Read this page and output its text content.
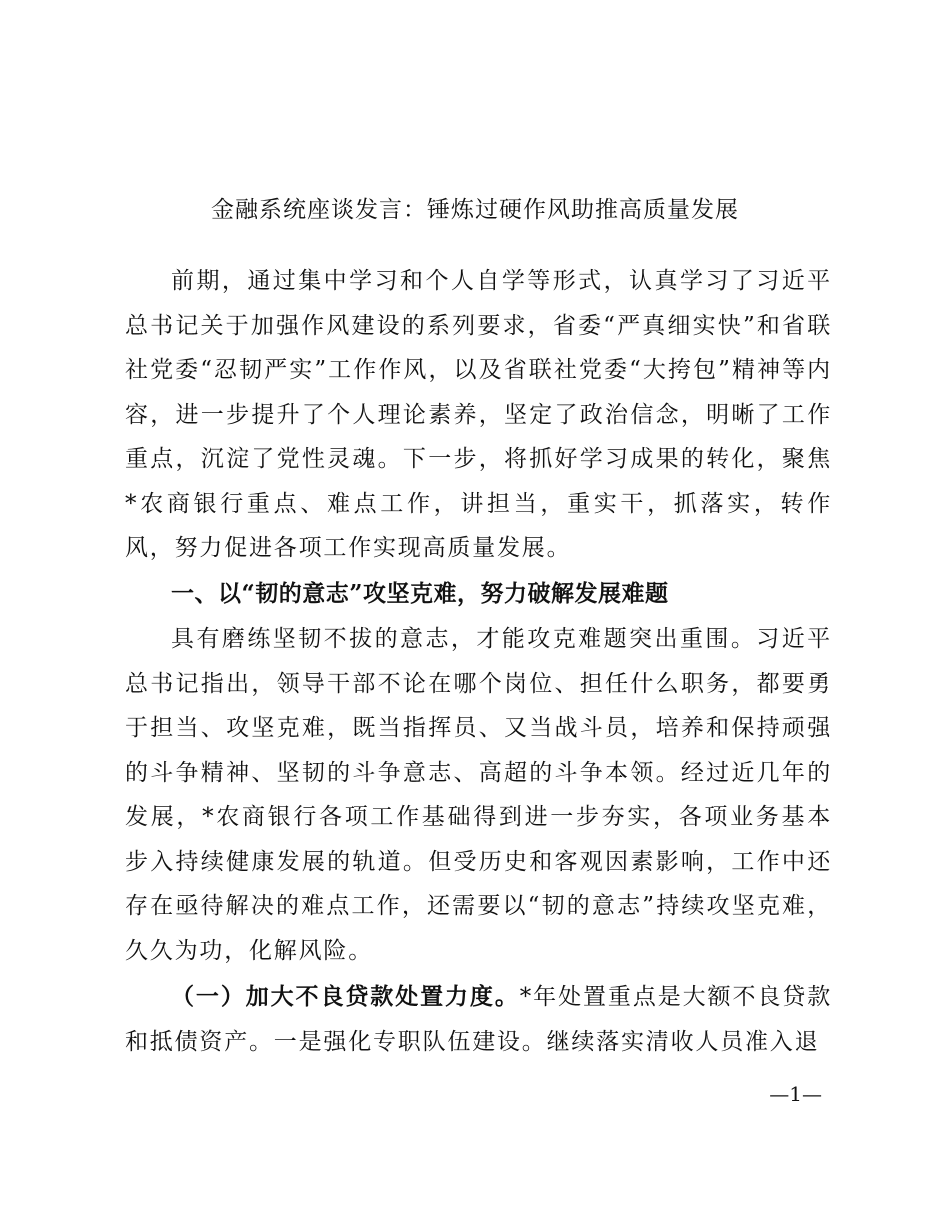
金融系统座谈发言：锤炼过硬作风助推高质量发展
前期，通过集中学习和个人自学等形式，认真学习了习近平总书记关于加强作风建设的系列要求，省委“严真细实快”和省联社党委“忍韧严实”工作作风，以及省联社党委“大挎包”精神等内容，进一步提升了个人理论素养，坚定了政治信念，明晰了工作重点，沉淀了党性灵魂。下一步，将抓好学习成果的转化，聚焦*农商银行重点、难点工作，讲担当，重实干，抓落实，转作风，努力促进各项工作实现高质量发展。
一、以“韧的意志”攻坚克难，努力破解发展难题
具有磨练坚韧不拔的意志，才能攻克难题突出重围。习近平总书记指出，领导干部不论在哪个岗位、担任什么职务，都要勇于担当、攻坚克难，既当指挥员、又当战斗员，培养和保持顽强的斗争精神、坚韧的斗争意志、高超的斗争本领。经过近几年的发展，*农商银行各项工作基础得到进一步夯实，各项业务基本步入持续健康发展的轨道。但受历史和客观因素影响，工作中还存在亟待解决的难点工作，还需要以“韧的意志”持续攻坚克难，久久为功，化解风险。
（一）加大不良贷款处置力度。*年处置重点是大额不良贷款和抵债资产。一是强化专职队伍建设。继续落实清收人员准入退
—1—
